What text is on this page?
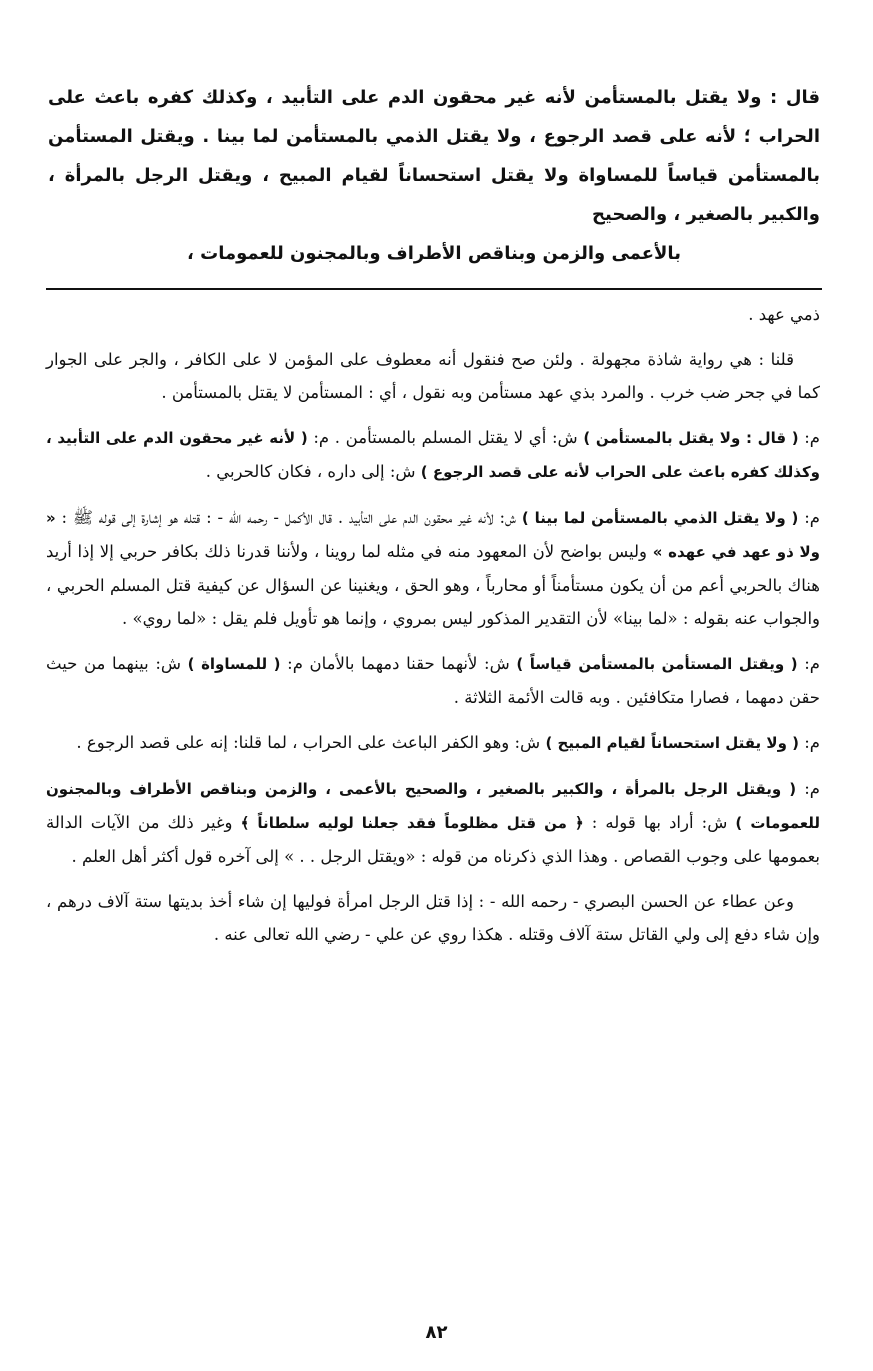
قال : ولا يقتل بالمستأمن لأنه غير محقون الدم على التأبيد ، وكذلك كفره باعث على الحراب ؛ لأنه على قصد الرجوع ، ولا يقتل الذمي بالمستأمن لما بينا . ويقتل المستأمن بالمستأمن قياساً للمساواة ولا يقتل استحساناً لقيام المبيح ، ويقتل الرجل بالمرأة ، والكبير بالصغير ، والصحيح
بالأعمى والزمن وبناقص الأطراف وبالمجنون للعمومات ،

ذمي عهد .

قلنا : هي رواية شاذة مجهولة . ولئن صح فنقول أنه معطوف على المؤمن لا على الكافر ، والجر على الجوار كما في جحر ضب خرب . والمرد بذي عهد مستأمن وبه نقول ، أي : المستأمن لا يقتل بالمستأمن .

م: ( قال : ولا يقتل بالمستأمن ) ش: أي لا يقتل المسلم بالمستأمن . م: ( لأنه غير محقون الدم على التأبيد ، وكذلك كفره باعث على الحراب لأنه على قصد الرجوع ) ش: إلى داره ، فكان كالحربي .

م: ( ولا يقتل الذمي بالمستأمن لما بينا ) ش: لأنه غير محقون الدم على التأبيد . قال الأكمل - رحمه الله - : قتله هو إشارة إلى قوله ﷺ : « ولا ذو عهد في عهده » وليس بواضح لأن المعهود منه في مثله لما روينا ، ولأننا قدرنا ذلك بكافر حربي إلا إذا أريد هناك بالحربي أعم من أن يكون مستأمناً أو محارباً ، وهو الحق ، ويغنينا عن السؤال عن كيفية قتل المسلم الحربي ، والجواب عنه بقوله : «لما بينا» لأن التقدير المذكور ليس بمروي ، وإنما هو تأويل فلم يقل : «لما روي» .

م: ( ويقتل المستأمن بالمستأمن قياساً ) ش: لأنهما حقنا دمهما بالأمان م: ( للمساواة ) ش: بينهما من حيث حقن دمهما ، فصارا متكافئين . وبه قالت الأئمة الثلاثة .

م: ( ولا يقتل استحساناً لقيام المبيح ) ش: وهو الكفر الباعث على الحراب ، لما قلنا: إنه على قصد الرجوع .

م: ( ويقتل الرجل بالمرأة ، والكبير بالصغير ، والصحيح بالأعمى ، والزمن وبناقص الأطراف وبالمجنون للعمومات ) ش: أراد بها قوله : ﴿ من قتل مظلوماً فقد جعلنا لوليه سلطاناً ﴾ وغير ذلك من الآيات الدالة بعمومها على وجوب القصاص . وهذا الذي ذكرناه من قوله : «ويقتل الرجل . . » إلى آخره قول أكثر أهل العلم .

وعن عطاء عن الحسن البصري - رحمه الله - : إذا قتل الرجل امرأة فوليها إن شاء أخذ بديتها ستة آلاف درهم ، وإن شاء دفع إلى ولي القاتل ستة آلاف وقتله . هكذا روي عن علي - رضي الله تعالى عنه .

٨٢
